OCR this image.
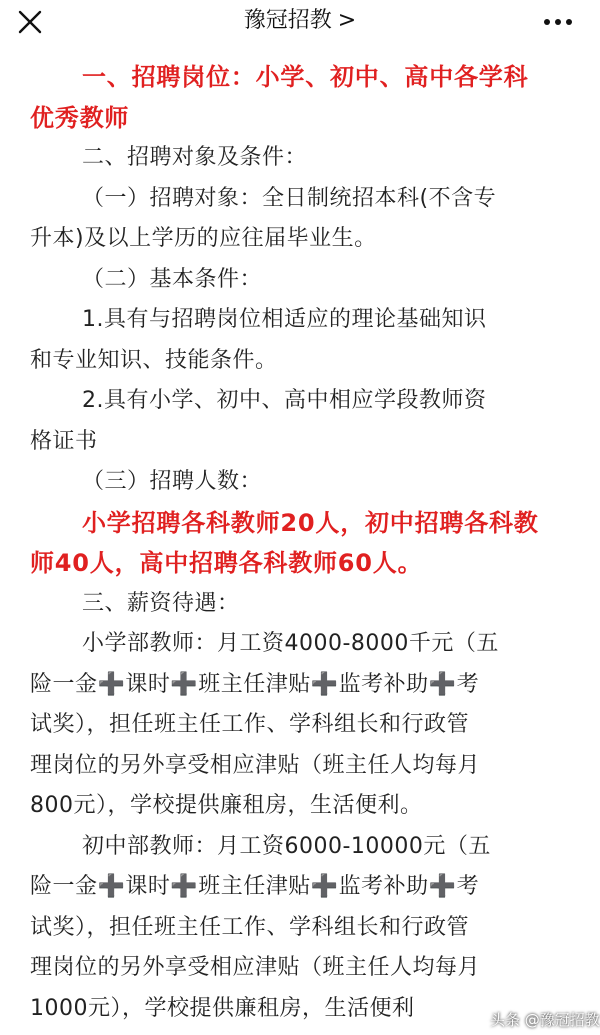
豫冠招教 >
一、招聘岗位：小学、初中、高中各学科
优秀教师
二、招聘对象及条件：
（一）招聘对象：全日制统招本科(不含专
升本)及以上学历的应往届毕业生。
（二）基本条件：
1.具有与招聘岗位相适应的理论基础知识
和专业知识、技能条件。
2.具有小学、初中、高中相应学段教师资
格证书
（三）招聘人数：
小学招聘各科教师20人，初中招聘各科教
师40人，高中招聘各科教师60人。
三、薪资待遇：
小学部教师：月工资4000-8000千元（五
险一金➕课时➕班主任津贴➕监考补助➕考
试奖），担任班主任工作、学科组长和行政管
理岗位的另外享受相应津贴（班主任人均每月
800元），学校提供廉租房，生活便利。
初中部教师：月工资6000-10000元（五
险一金➕课时➕班主任津贴➕监考补助➕考
试奖），担任班主任工作、学科组长和行政管
理岗位的另外享受相应津贴（班主任人均每月
1000元），学校提供廉租房，生活便利	头条 @豫冠招教
